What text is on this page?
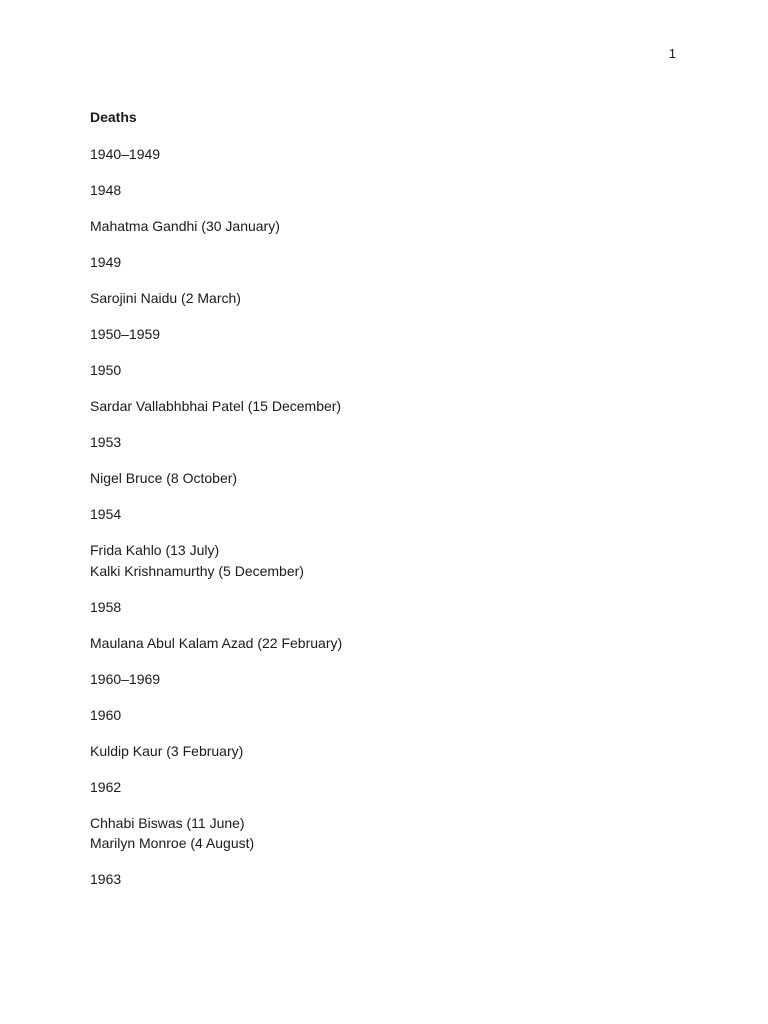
1
Deaths
1940–1949
1948
Mahatma Gandhi (30 January)
1949
Sarojini Naidu (2 March)
1950–1959
1950
Sardar Vallabhbhai Patel (15 December)
1953
Nigel Bruce (8 October)
1954
Frida Kahlo (13 July)
Kalki Krishnamurthy (5 December)
1958
Maulana Abul Kalam Azad (22 February)
1960–1969
1960
Kuldip Kaur (3 February)
1962
Chhabi Biswas (11 June)
Marilyn Monroe (4 August)
1963
